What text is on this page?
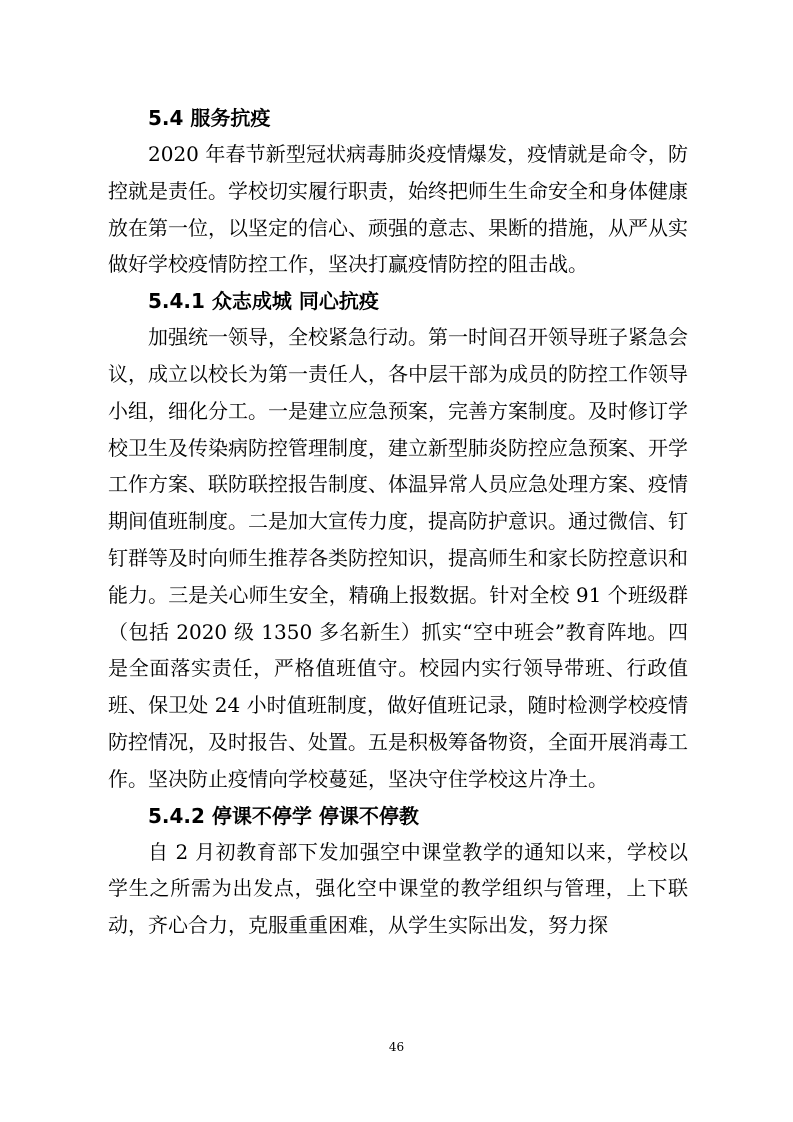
5.4 服务抗疫

2020 年春节新型冠状病毒肺炎疫情爆发，疫情就是命令，防控就是责任。学校切实履行职责，始终把师生生命安全和身体健康放在第一位，以坚定的信心、顽强的意志、果断的措施，从严从实做好学校疫情防控工作，坚决打赢疫情防控的阻击战。

5.4.1 众志成城 同心抗疫

加强统一领导，全校紧急行动。第一时间召开领导班子紧急会议，成立以校长为第一责任人，各中层干部为成员的防控工作领导小组，细化分工。一是建立应急预案，完善方案制度。及时修订学校卫生及传染病防控管理制度，建立新型肺炎防控应急预案、开学工作方案、联防联控报告制度、体温异常人员应急处理方案、疫情期间值班制度。二是加大宣传力度，提高防护意识。通过微信、钉钉群等及时向师生推荐各类防控知识，提高师生和家长防控意识和能力。三是关心师生安全，精确上报数据。针对全校 91 个班级群（包括 2020 级 1350 多名新生）抓实“空中班会”教育阵地。四是全面落实责任，严格值班值守。校园内实行领导带班、行政值班、保卫处 24 小时值班制度，做好值班记录，随时检测学校疫情防控情况，及时报告、处置。五是积极筹备物资，全面开展消毒工作。坚决防止疫情向学校蔓延，坚决守住学校这片净土。

5.4.2 停课不停学 停课不停教

自 2 月初教育部下发加强空中课堂教学的通知以来，学校以学生之所需为出发点，强化空中课堂的教学组织与管理，上下联动，齐心合力，克服重重困难，从学生实际出发，努力探

46
